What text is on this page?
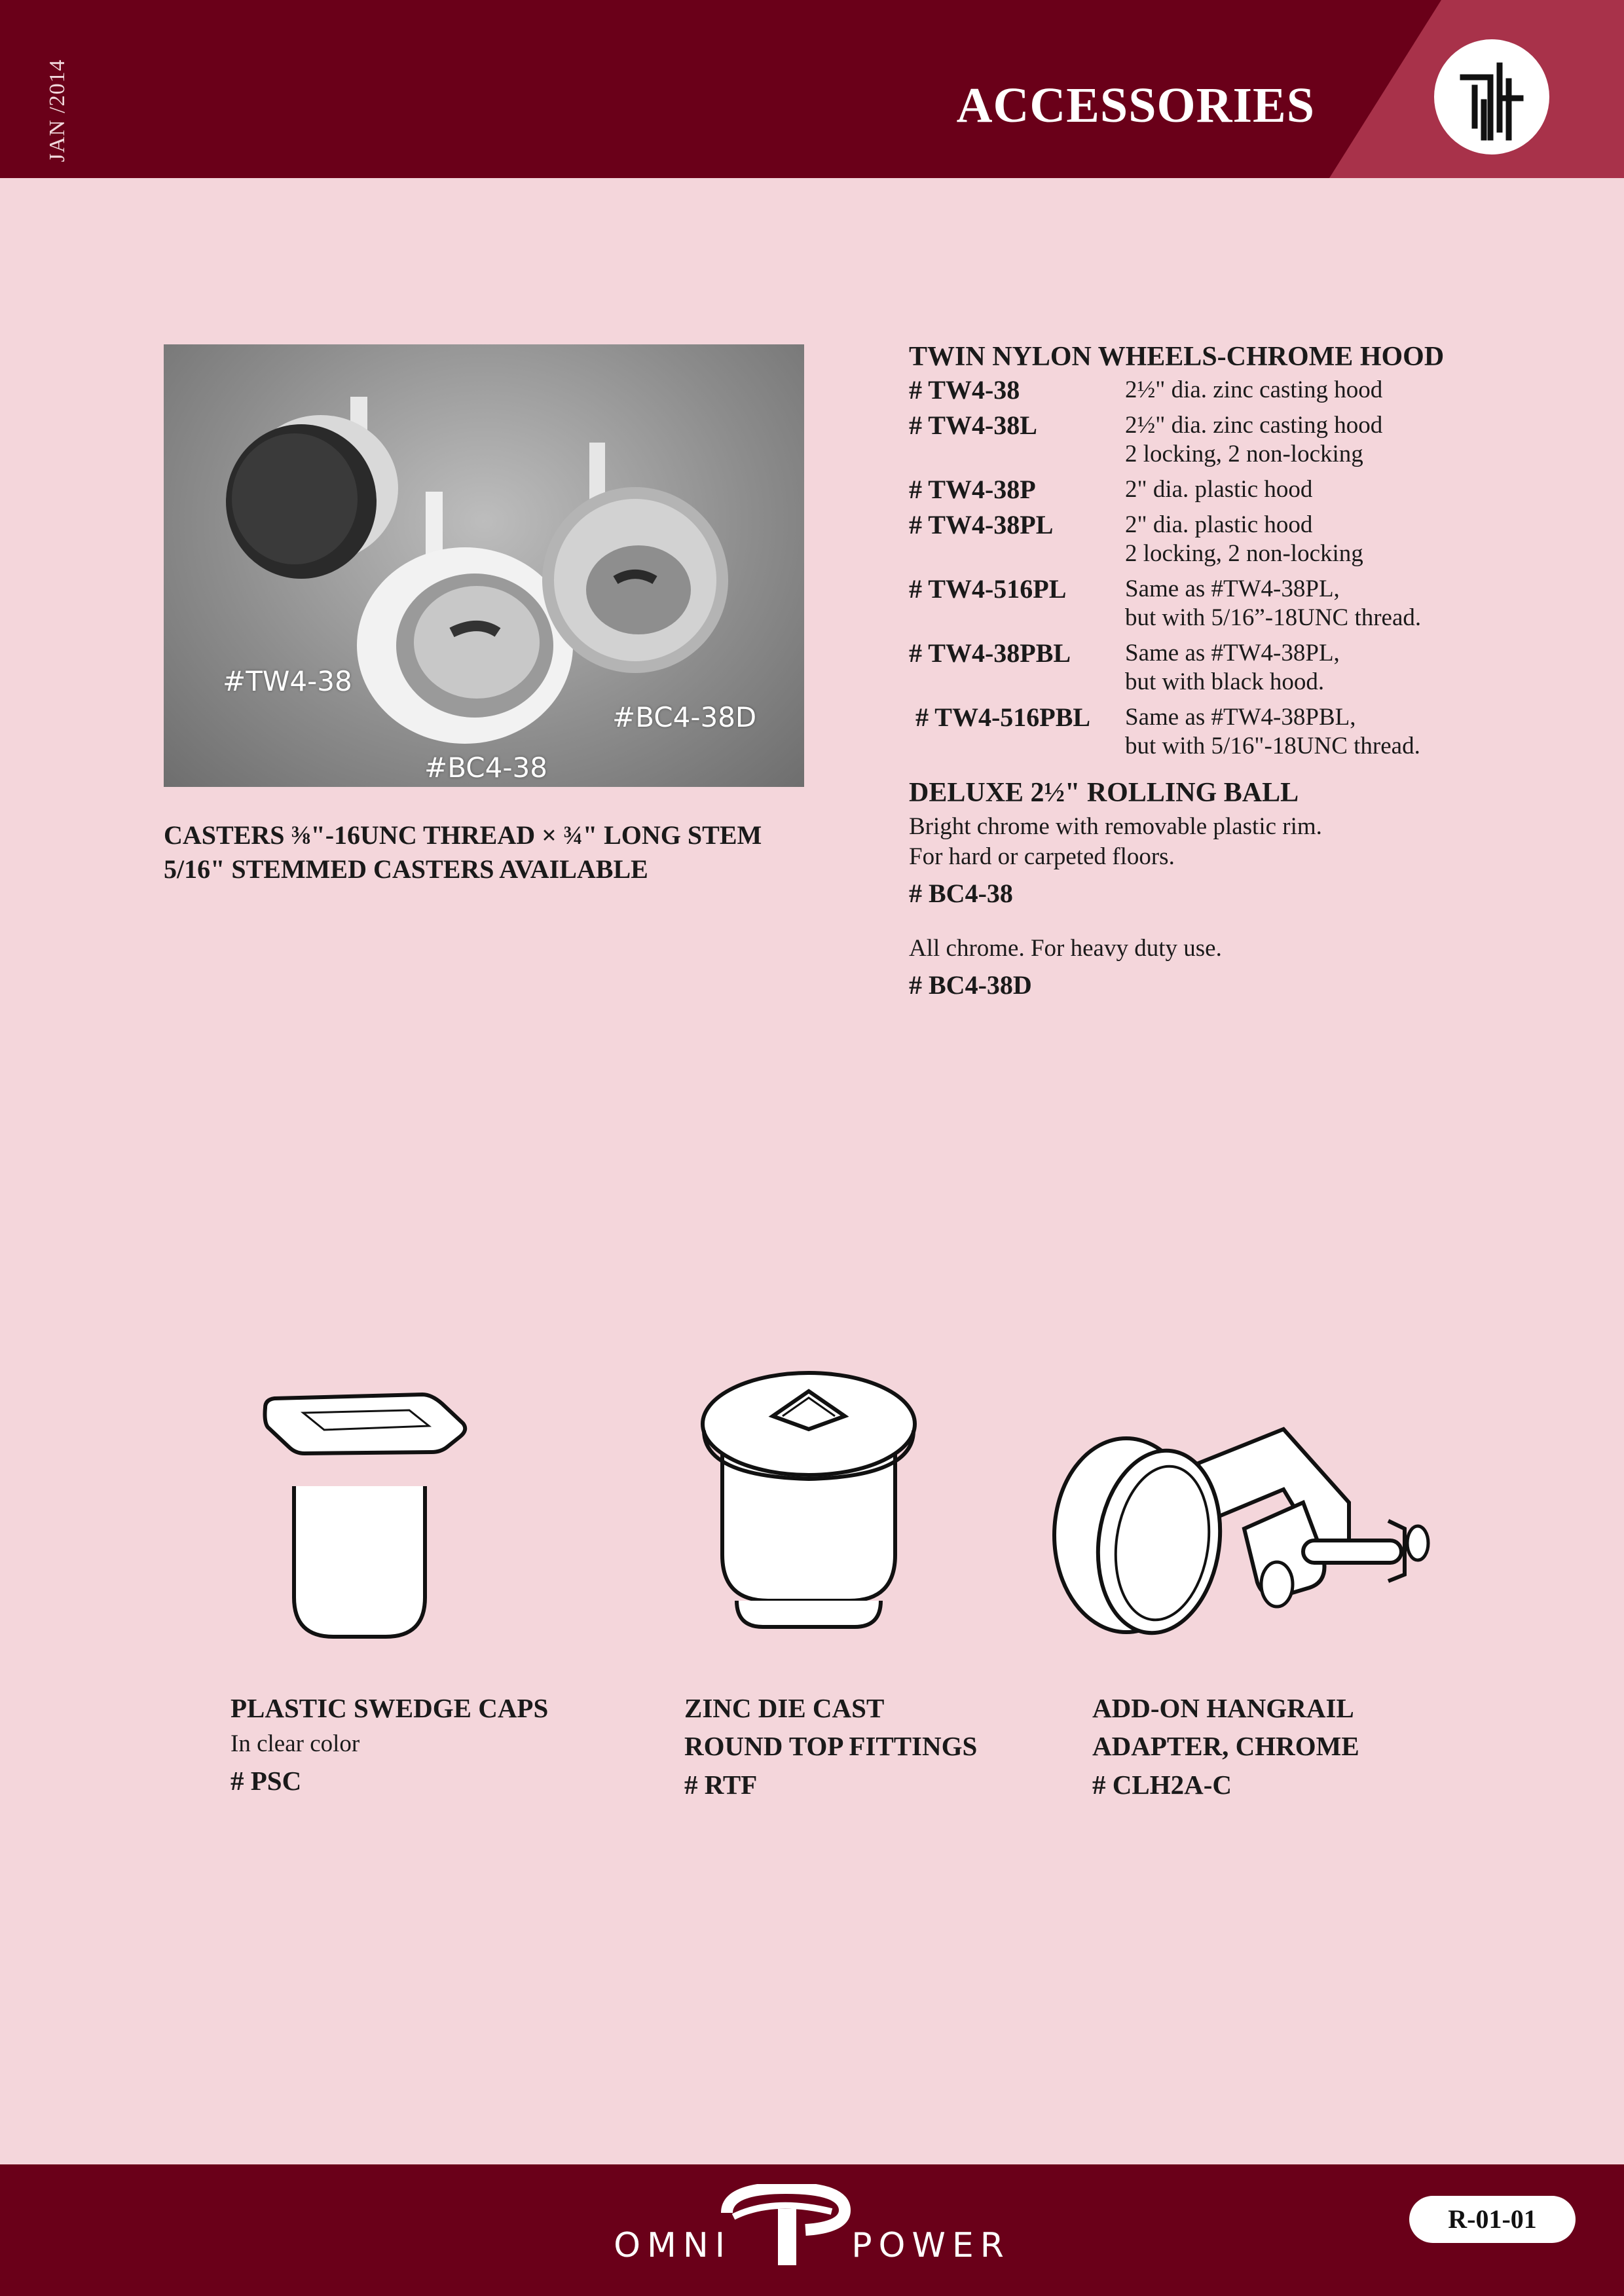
JAN /2014	ACCESSORIES
#TW4-38
#BC4-38D
#BC4-38
CASTERS ⅜"-16UNC THREAD × ¾" LONG STEM
5/16" STEMMED CASTERS AVAILABLE
TWIN NYLON WHEELS-CHROME HOOD
# TW4-38	2½" dia. zinc casting hood
# TW4-38L	2½" dia. zinc casting hood
2 locking, 2 non-locking
# TW4-38P	2" dia. plastic hood
# TW4-38PL	2" dia. plastic hood
2 locking, 2 non-locking
# TW4-516PL	Same as #TW4-38PL,
but with 5/16”-18UNC thread.
# TW4-38PBL	Same as #TW4-38PL,
but with black hood.
# TW4-516PBL	Same as #TW4-38PBL,
but with 5/16"-18UNC thread.
DELUXE 2½" ROLLING BALL

Bright chrome with removable plastic rim.

For hard or carpeted floors.

# BC4-38

All chrome. For heavy duty use.

# BC4-38D

PLASTIC SWEDGE CAPS
In clear color
# PSC
ZINC DIE CAST
ROUND TOP FITTINGS
# RTF
ADD-ON HANGRAIL
ADAPTER, CHROME
# CLH2A-C
OMNI	POWER
R-01-01
